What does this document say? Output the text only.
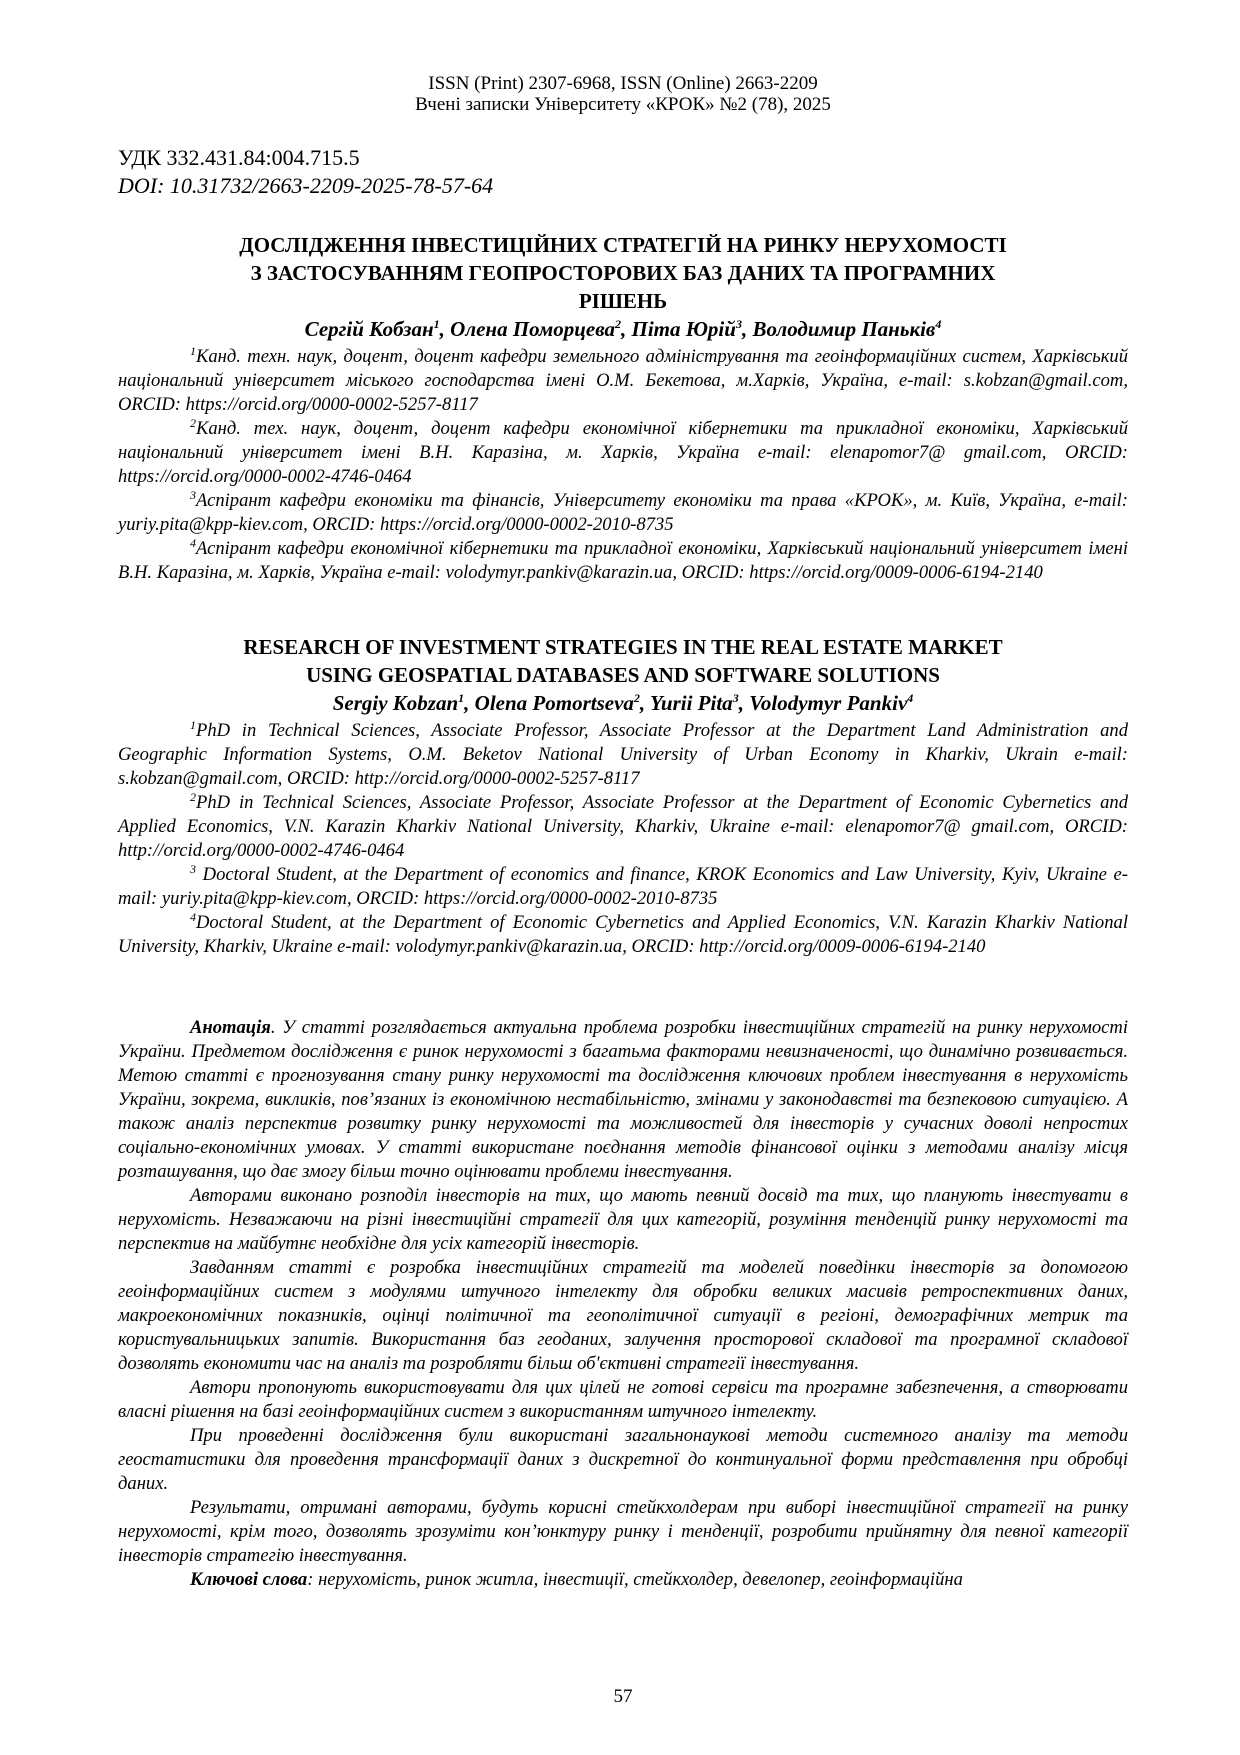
ISSN (Print) 2307-6968, ISSN (Online) 2663-2209
Вчені записки Університету «КРОК» №2 (78), 2025
УДК 332.431.84:004.715.5
DOI: 10.31732/2663-2209-2025-78-57-64
ДОСЛІДЖЕННЯ ІНВЕСТИЦІЙНИХ СТРАТЕГІЙ НА РИНКУ НЕРУХОМОСТІ
З ЗАСТОСУВАННЯМ ГЕОПРОСТОРОВИХ БАЗ ДАНИХ ТА ПРОГРАМНИХ
РІШЕНЬ
Сергій Кобзан$^1$, Олена Поморцева$^2$, Піта Юрій$^3$, Володимир Паньків$^4$

$^1$Канд. техн. наук, доцент, доцент кафедри земельного адміністрування та геоінформаційних систем, Харківський національний університет міського господарства імені О.М. Бекетова, м.Харків, Україна, e-mail: s.kobzan@gmail.com, ORCID: https://orcid.org/0000-0002-5257-8117

$^2$Канд. тех. наук, доцент, доцент кафедри економічної кібернетики та прикладної економіки, Харківський національний університет імені В.Н. Каразіна, м. Харків, Україна e-mail: elenapomor7@ gmail.com, ORCID: https://orcid.org/0000-0002-4746-0464

$^3$Аспірант кафедри економіки та фінансів, Університету економіки та права «КРОК», м. Київ, Україна, e-mail: yuriy.pita@kpp-kiev.com, ORCID: https://orcid.org/0000-0002-2010-8735

$^4$Аспірант кафедри економічної кібернетики та прикладної економіки, Харківський національний університет імені В.Н. Каразіна, м. Харків, Україна e-mail: volodymyr.pankiv@karazin.ua, ORCID: https://orcid.org/0009-0006-6194-2140

RESEARCH OF INVESTMENT STRATEGIES IN THE REAL ESTATE MARKET
USING GEOSPATIAL DATABASES AND SOFTWARE SOLUTIONS
Sergiy Kobzan$^1$, Olena Pomortseva$^2$, Yurii Pita$^3$, Volodymyr Pankiv$^4$

$^1$PhD in Technical Sciences, Associate Professor, Associate Professor at the Department Land Administration and Geographic Information Systems, O.M. Beketov National University of Urban Economy in Kharkiv, Ukrain e-mail: s.kobzan@gmail.com, ORCID: http://orcid.org/0000-0002-5257-8117

$^2$PhD in Technical Sciences, Associate Professor, Associate Professor at the Department of Economic Cybernetics and Applied Economics, V.N. Karazin Kharkiv National University, Kharkiv, Ukraine e-mail: elenapomor7@ gmail.com, ORCID: http://orcid.org/0000-0002-4746-0464

$^3$ Doctoral Student, at the Department of economics and finance, KROK Economics and Law University, Kyiv, Ukraine e-mail: yuriy.pita@kpp-kiev.com, ORCID: https://orcid.org/0000-0002-2010-8735

$^4$Doctoral Student, at the Department of Economic Cybernetics and Applied Economics, V.N. Karazin Kharkiv National University, Kharkiv, Ukraine e-mail: volodymyr.pankiv@karazin.ua, ORCID: http://orcid.org/0009-0006-6194-2140

Анотація. У статті розглядається актуальна проблема розробки інвестиційних стратегій на ринку нерухомості України. Предметом дослідження є ринок нерухомості з багатьма факторами невизначеності, що динамічно розвивається. Метою статті є прогнозування стану ринку нерухомості та дослідження ключових проблем інвестування в нерухомість України, зокрема, викликів, пов’язаних із економічною нестабільністю, змінами у законодавстві та безпековою ситуацією. А також аналіз перспектив розвитку ринку нерухомості та можливостей для інвесторів у сучасних доволі непростих соціально-економічних умовах. У статті використане поєднання методів фінансової оцінки з методами аналізу місця розташування, що дає змогу більш точно оцінювати проблеми інвестування.

Авторами виконано розподіл інвесторів на тих, що мають певний досвід та тих, що планують інвестувати в нерухомість. Незважаючи на різні інвестиційні стратегії для цих категорій, розуміння тенденцій ринку нерухомості та перспектив на майбутнє необхідне для усіх категорій інвесторів.

Завданням статті є розробка інвестиційних стратегій та моделей поведінки інвесторів за допомогою геоінформаційних систем з модулями штучного інтелекту для обробки великих масивів ретроспективних даних, макроекономічних показників, оцінці політичної та геополітичної ситуації в регіоні, демографічних метрик та користувальницьких запитів. Використання баз геоданих, залучення просторової складової та програмної складової дозволять економити час на аналіз та розробляти більш об'єктивні стратегії інвестування.

Автори пропонують використовувати для цих цілей не готові сервіси та програмне забезпечення, а створювати власні рішення на базі геоінформаційних систем з використанням штучного інтелекту.

При проведенні дослідження були використані загальнонаукові методи системного аналізу та методи геостатистики для проведення трансформації даних з дискретної до континуальної форми представлення при обробці даних.

Результати, отримані авторами, будуть корисні стейкхолдерам при виборі інвестиційної стратегії на ринку нерухомості, крім того, дозволять зрозуміти кон’юнктуру ринку і тенденції, розробити прийнятну для певної категорії інвесторів стратегію інвестування.

Ключові слова: нерухомість, ринок житла, інвестиції, стейкхолдер, девелопер, геоінформаційна

57
